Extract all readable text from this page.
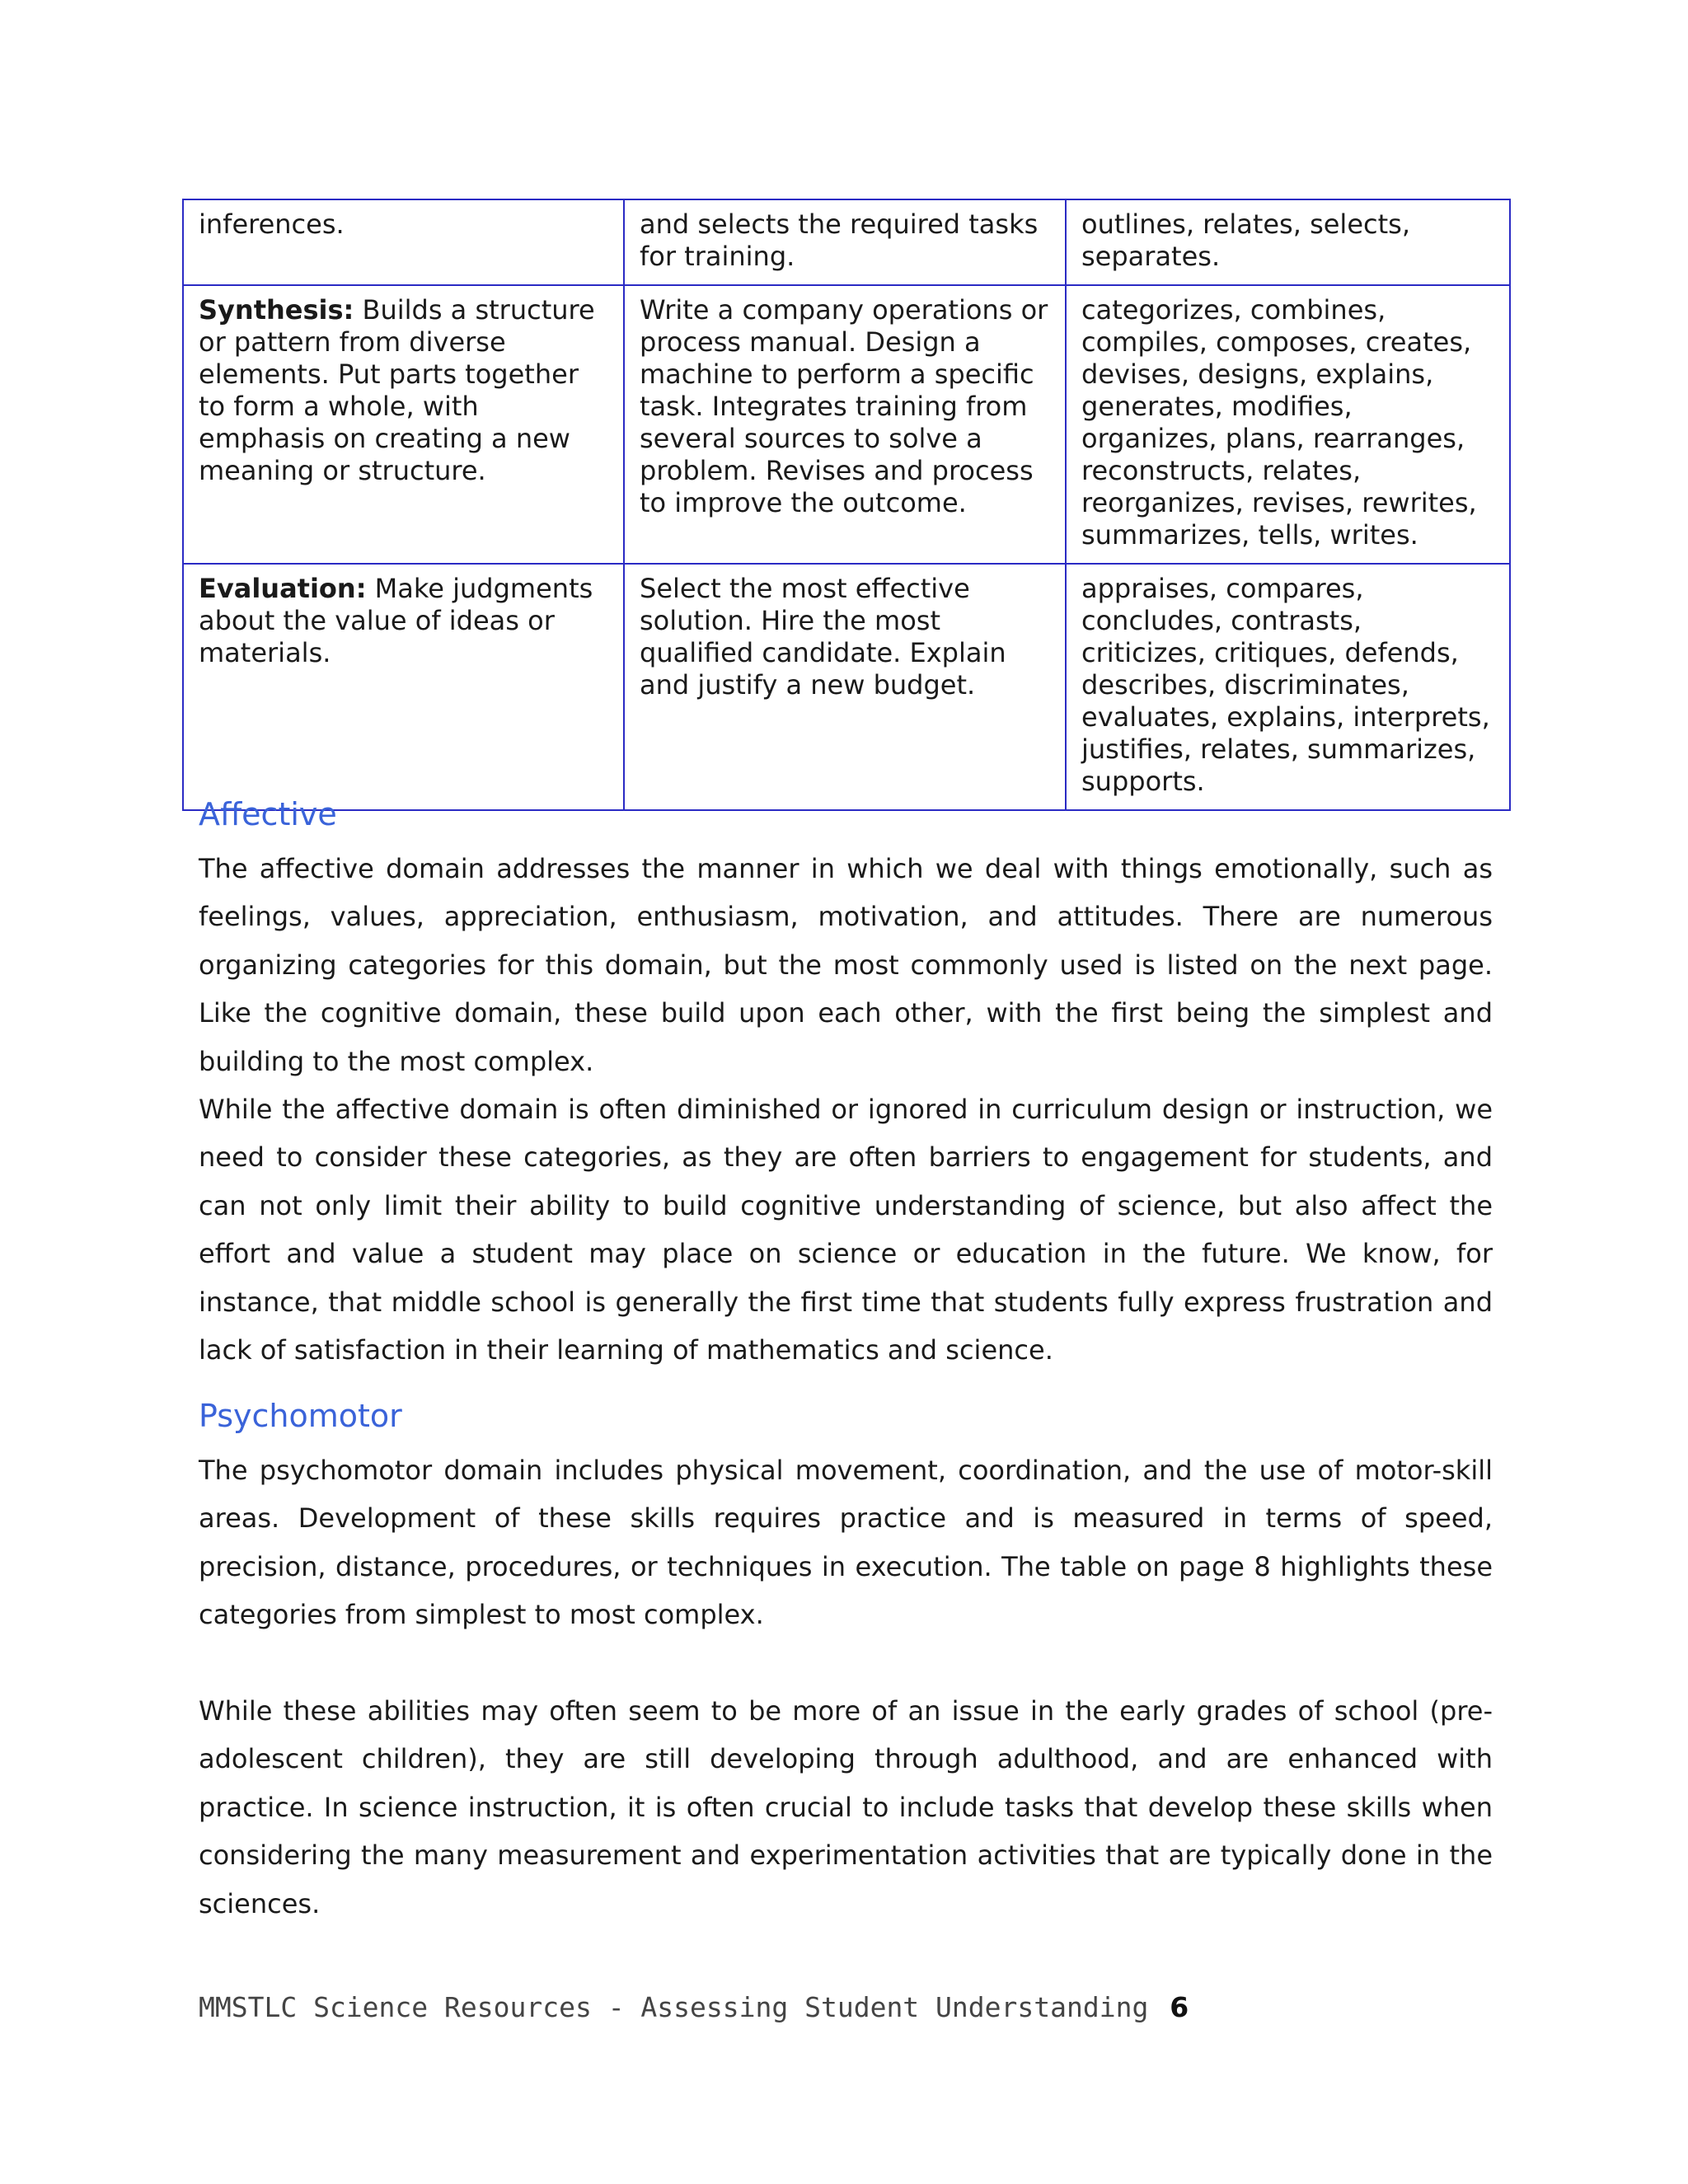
inferences.	and selects the required tasks for training.	outlines, relates, selects, separates.
Synthesis: Builds a structure or pattern from diverse elements. Put parts together to form a whole, with emphasis on creating a new meaning or structure.	Write a company operations or process manual. Design a machine to perform a specific task. Integrates training from several sources to solve a problem. Revises and process to improve the outcome.	categorizes, combines, compiles, composes, creates, devises, designs, explains, generates, modifies, organizes, plans, rearranges, reconstructs, relates, reorganizes, revises, rewrites, summarizes, tells, writes.
Evaluation: Make judgments about the value of ideas or materials.	Select the most effective solution. Hire the most qualified candidate. Explain and justify a new budget.	appraises, compares, concludes, contrasts, criticizes, critiques, defends, describes, discriminates, evaluates, explains, interprets, justifies, relates, summarizes, supports.
Affective

The affective domain addresses the manner in which we deal with things emotionally, such as feelings, values, appreciation, enthusiasm, motivation, and attitudes. There are numerous organizing categories for this domain, but the most commonly used is listed on the next page. Like the cognitive domain, these build upon each other, with the first being the simplest and building to the most complex.

While the affective domain is often diminished or ignored in curriculum design or instruction, we need to consider these categories, as they are often barriers to engagement for students, and can not only limit their ability to build cognitive understanding of science, but also affect the effort and value a student may place on science or education in the future. We know, for instance, that middle school is generally the first time that students fully express frustration and lack of satisfaction in their learning of mathematics and science.

Psychomotor

The psychomotor domain includes physical movement, coordination, and the use of motor-skill areas. Development of these skills requires practice and is measured in terms of speed, precision, distance, procedures, or techniques in execution. The table on page 8 highlights these categories from simplest to most complex.

While these abilities may often seem to be more of an issue in the early grades of school (pre-adolescent children), they are still developing through adulthood, and are enhanced with practice. In science instruction, it is often crucial to include tasks that develop these skills when considering the many measurement and experimentation activities that are typically done in the sciences.

MMSTLC Science Resources - Assessing Student Understanding 6
